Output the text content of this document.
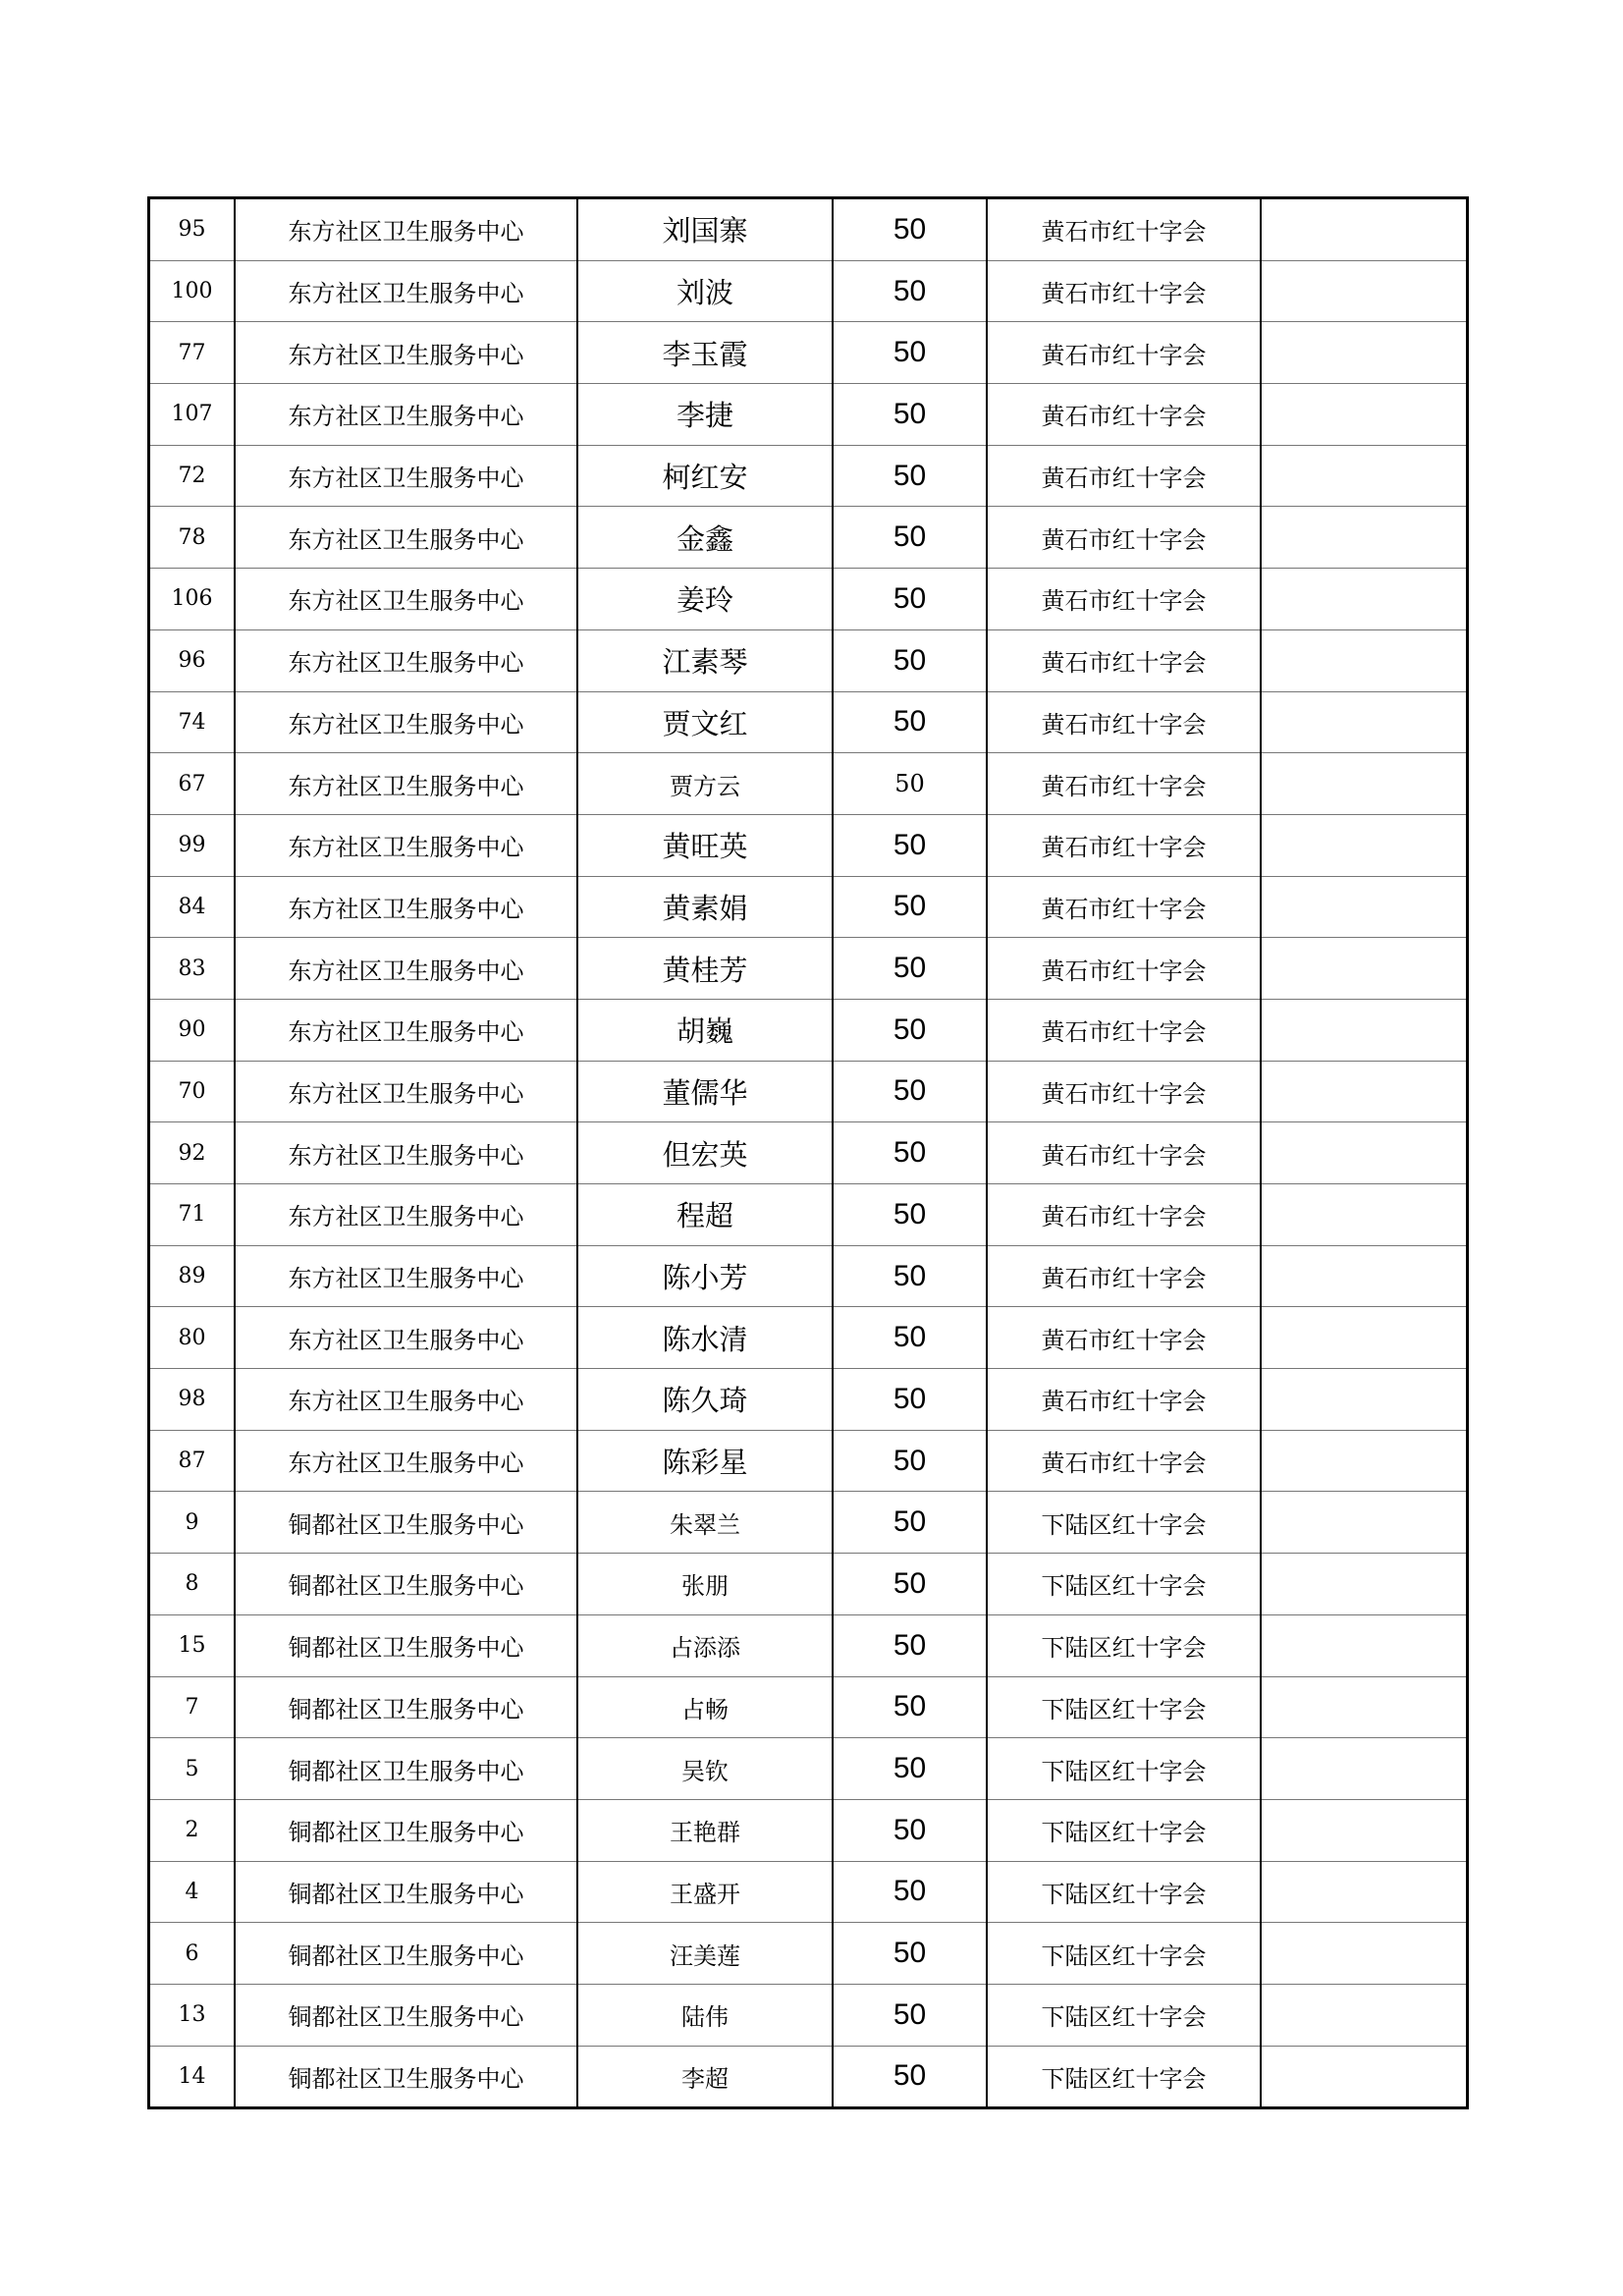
95	东方社区卫生服务中心	刘国寨	50	黄石市红十字会	
100	东方社区卫生服务中心	刘波	50	黄石市红十字会	
77	东方社区卫生服务中心	李玉霞	50	黄石市红十字会	
107	东方社区卫生服务中心	李捷	50	黄石市红十字会	
72	东方社区卫生服务中心	柯红安	50	黄石市红十字会	
78	东方社区卫生服务中心	金鑫	50	黄石市红十字会	
106	东方社区卫生服务中心	姜玲	50	黄石市红十字会	
96	东方社区卫生服务中心	江素琴	50	黄石市红十字会	
74	东方社区卫生服务中心	贾文红	50	黄石市红十字会	
67	东方社区卫生服务中心	贾方云	50	黄石市红十字会	
99	东方社区卫生服务中心	黄旺英	50	黄石市红十字会	
84	东方社区卫生服务中心	黄素娟	50	黄石市红十字会	
83	东方社区卫生服务中心	黄桂芳	50	黄石市红十字会	
90	东方社区卫生服务中心	胡巍	50	黄石市红十字会	
70	东方社区卫生服务中心	董儒华	50	黄石市红十字会	
92	东方社区卫生服务中心	但宏英	50	黄石市红十字会	
71	东方社区卫生服务中心	程超	50	黄石市红十字会	
89	东方社区卫生服务中心	陈小芳	50	黄石市红十字会	
80	东方社区卫生服务中心	陈水清	50	黄石市红十字会	
98	东方社区卫生服务中心	陈久琦	50	黄石市红十字会	
87	东方社区卫生服务中心	陈彩星	50	黄石市红十字会	
9	铜都社区卫生服务中心	朱翠兰	50	下陆区红十字会	
8	铜都社区卫生服务中心	张朋	50	下陆区红十字会	
15	铜都社区卫生服务中心	占添添	50	下陆区红十字会	
7	铜都社区卫生服务中心	占畅	50	下陆区红十字会	
5	铜都社区卫生服务中心	吴钦	50	下陆区红十字会	
2	铜都社区卫生服务中心	王艳群	50	下陆区红十字会	
4	铜都社区卫生服务中心	王盛开	50	下陆区红十字会	
6	铜都社区卫生服务中心	汪美莲	50	下陆区红十字会	
13	铜都社区卫生服务中心	陆伟	50	下陆区红十字会	
14	铜都社区卫生服务中心	李超	50	下陆区红十字会	
